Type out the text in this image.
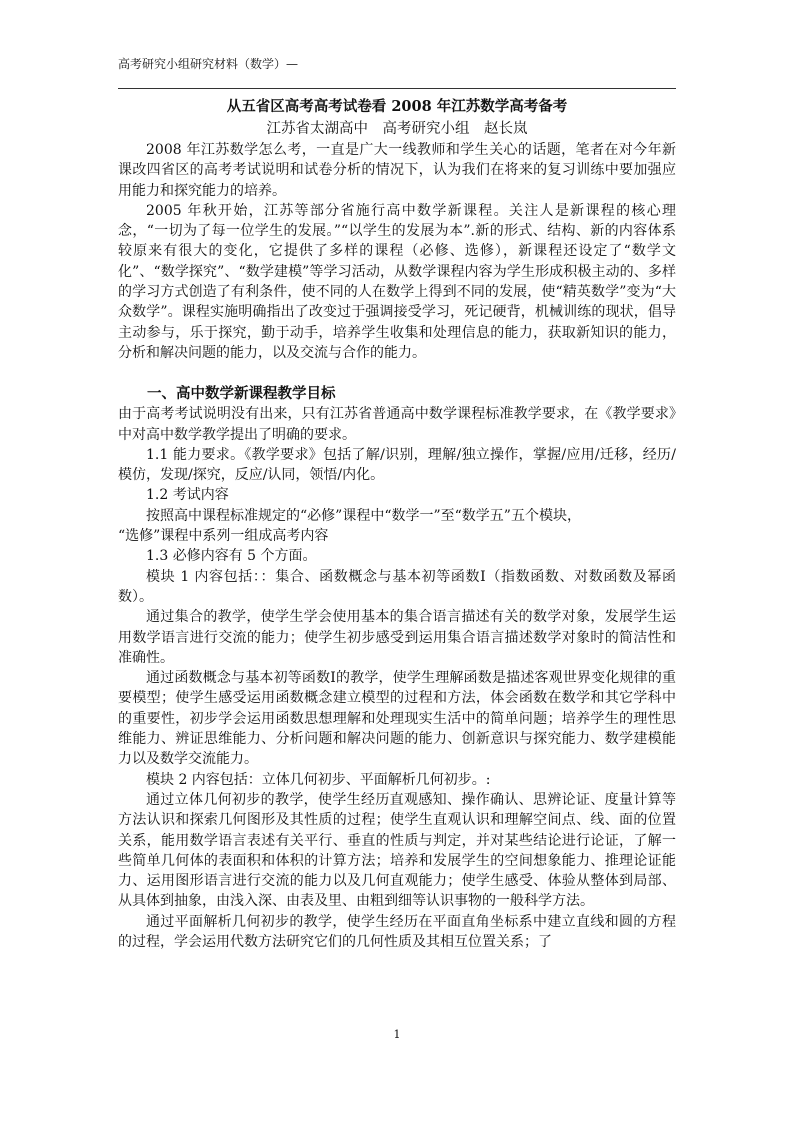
高考研究小组研究材料（数学）—

从五省区高考高考试卷看 2008 年江苏数学高考备考

江苏省太湖高中　高考研究小组　赵长岚

2008 年江苏数学怎么考，一直是广大一线教师和学生关心的话题，笔者在对今年新课改四省区的高考考试说明和试卷分析的情况下，认为我们在将来的复习训练中要加强应用能力和探究能力的培养。

2005 年秋开始，江苏等部分省施行高中数学新课程。关注人是新课程的核心理念，“一切为了每一位学生的发展。”“以学生的发展为本”.新的形式、结构、新的内容体系较原来有很大的变化，它提供了多样的课程（必修、选修），新课程还设定了“数学文化”、“数学探究”、“数学建模”等学习活动，从数学课程内容为学生形成积极主动的、多样的学习方式创造了有利条件，使不同的人在数学上得到不同的发展，使“精英数学”变为“大众数学”。课程实施明确指出了改变过于强调接受学习，死记硬背，机械训练的现状，倡导主动参与，乐于探究，勤于动手，培养学生收集和处理信息的能力，获取新知识的能力，分析和解决问题的能力，以及交流与合作的能力。

一、高中数学新课程教学目标

由于高考考试说明没有出来，只有江苏省普通高中数学课程标准教学要求，在《教学要求》中对高中数学教学提出了明确的要求。

1.1 能力要求。《教学要求》包括了解/识别，理解/独立操作，掌握/应用/迁移，经历/模仿，发现/探究，反应/认同，领悟/内化。

1.2 考试内容

按照高中课程标准规定的“必修”课程中“数学一”至“数学五”五个模块，

“选修”课程中系列一组成高考内容

1.3 必修内容有 5 个方面。

模块 1 内容包括：：集合、函数概念与基本初等函数Ⅰ（指数函数、对数函数及幂函数）。

通过集合的教学，使学生学会使用基本的集合语言描述有关的数学对象，发展学生运用数学语言进行交流的能力；使学生初步感受到运用集合语言描述数学对象时的简洁性和准确性。

通过函数概念与基本初等函数Ⅰ的教学，使学生理解函数是描述客观世界变化规律的重要模型；使学生感受运用函数概念建立模型的过程和方法，体会函数在数学和其它学科中的重要性，初步学会运用函数思想理解和处理现实生活中的简单问题；培养学生的理性思维能力、辨证思维能力、分析问题和解决问题的能力、创新意识与探究能力、数学建模能力以及数学交流能力。

模块 2 内容包括：立体几何初步、平面解析几何初步。:

通过立体几何初步的教学，使学生经历直观感知、操作确认、思辨论证、度量计算等方法认识和探索几何图形及其性质的过程；使学生直观认识和理解空间点、线、面的位置关系，能用数学语言表述有关平行、垂直的性质与判定，并对某些结论进行论证，了解一些简单几何体的表面积和体积的计算方法；培养和发展学生的空间想象能力、推理论证能力、运用图形语言进行交流的能力以及几何直观能力；使学生感受、体验从整体到局部、从具体到抽象，由浅入深、由表及里、由粗到细等认识事物的一般科学方法。

通过平面解析几何初步的教学，使学生经历在平面直角坐标系中建立直线和圆的方程的过程，学会运用代数方法研究它们的几何性质及其相互位置关系；了

1
